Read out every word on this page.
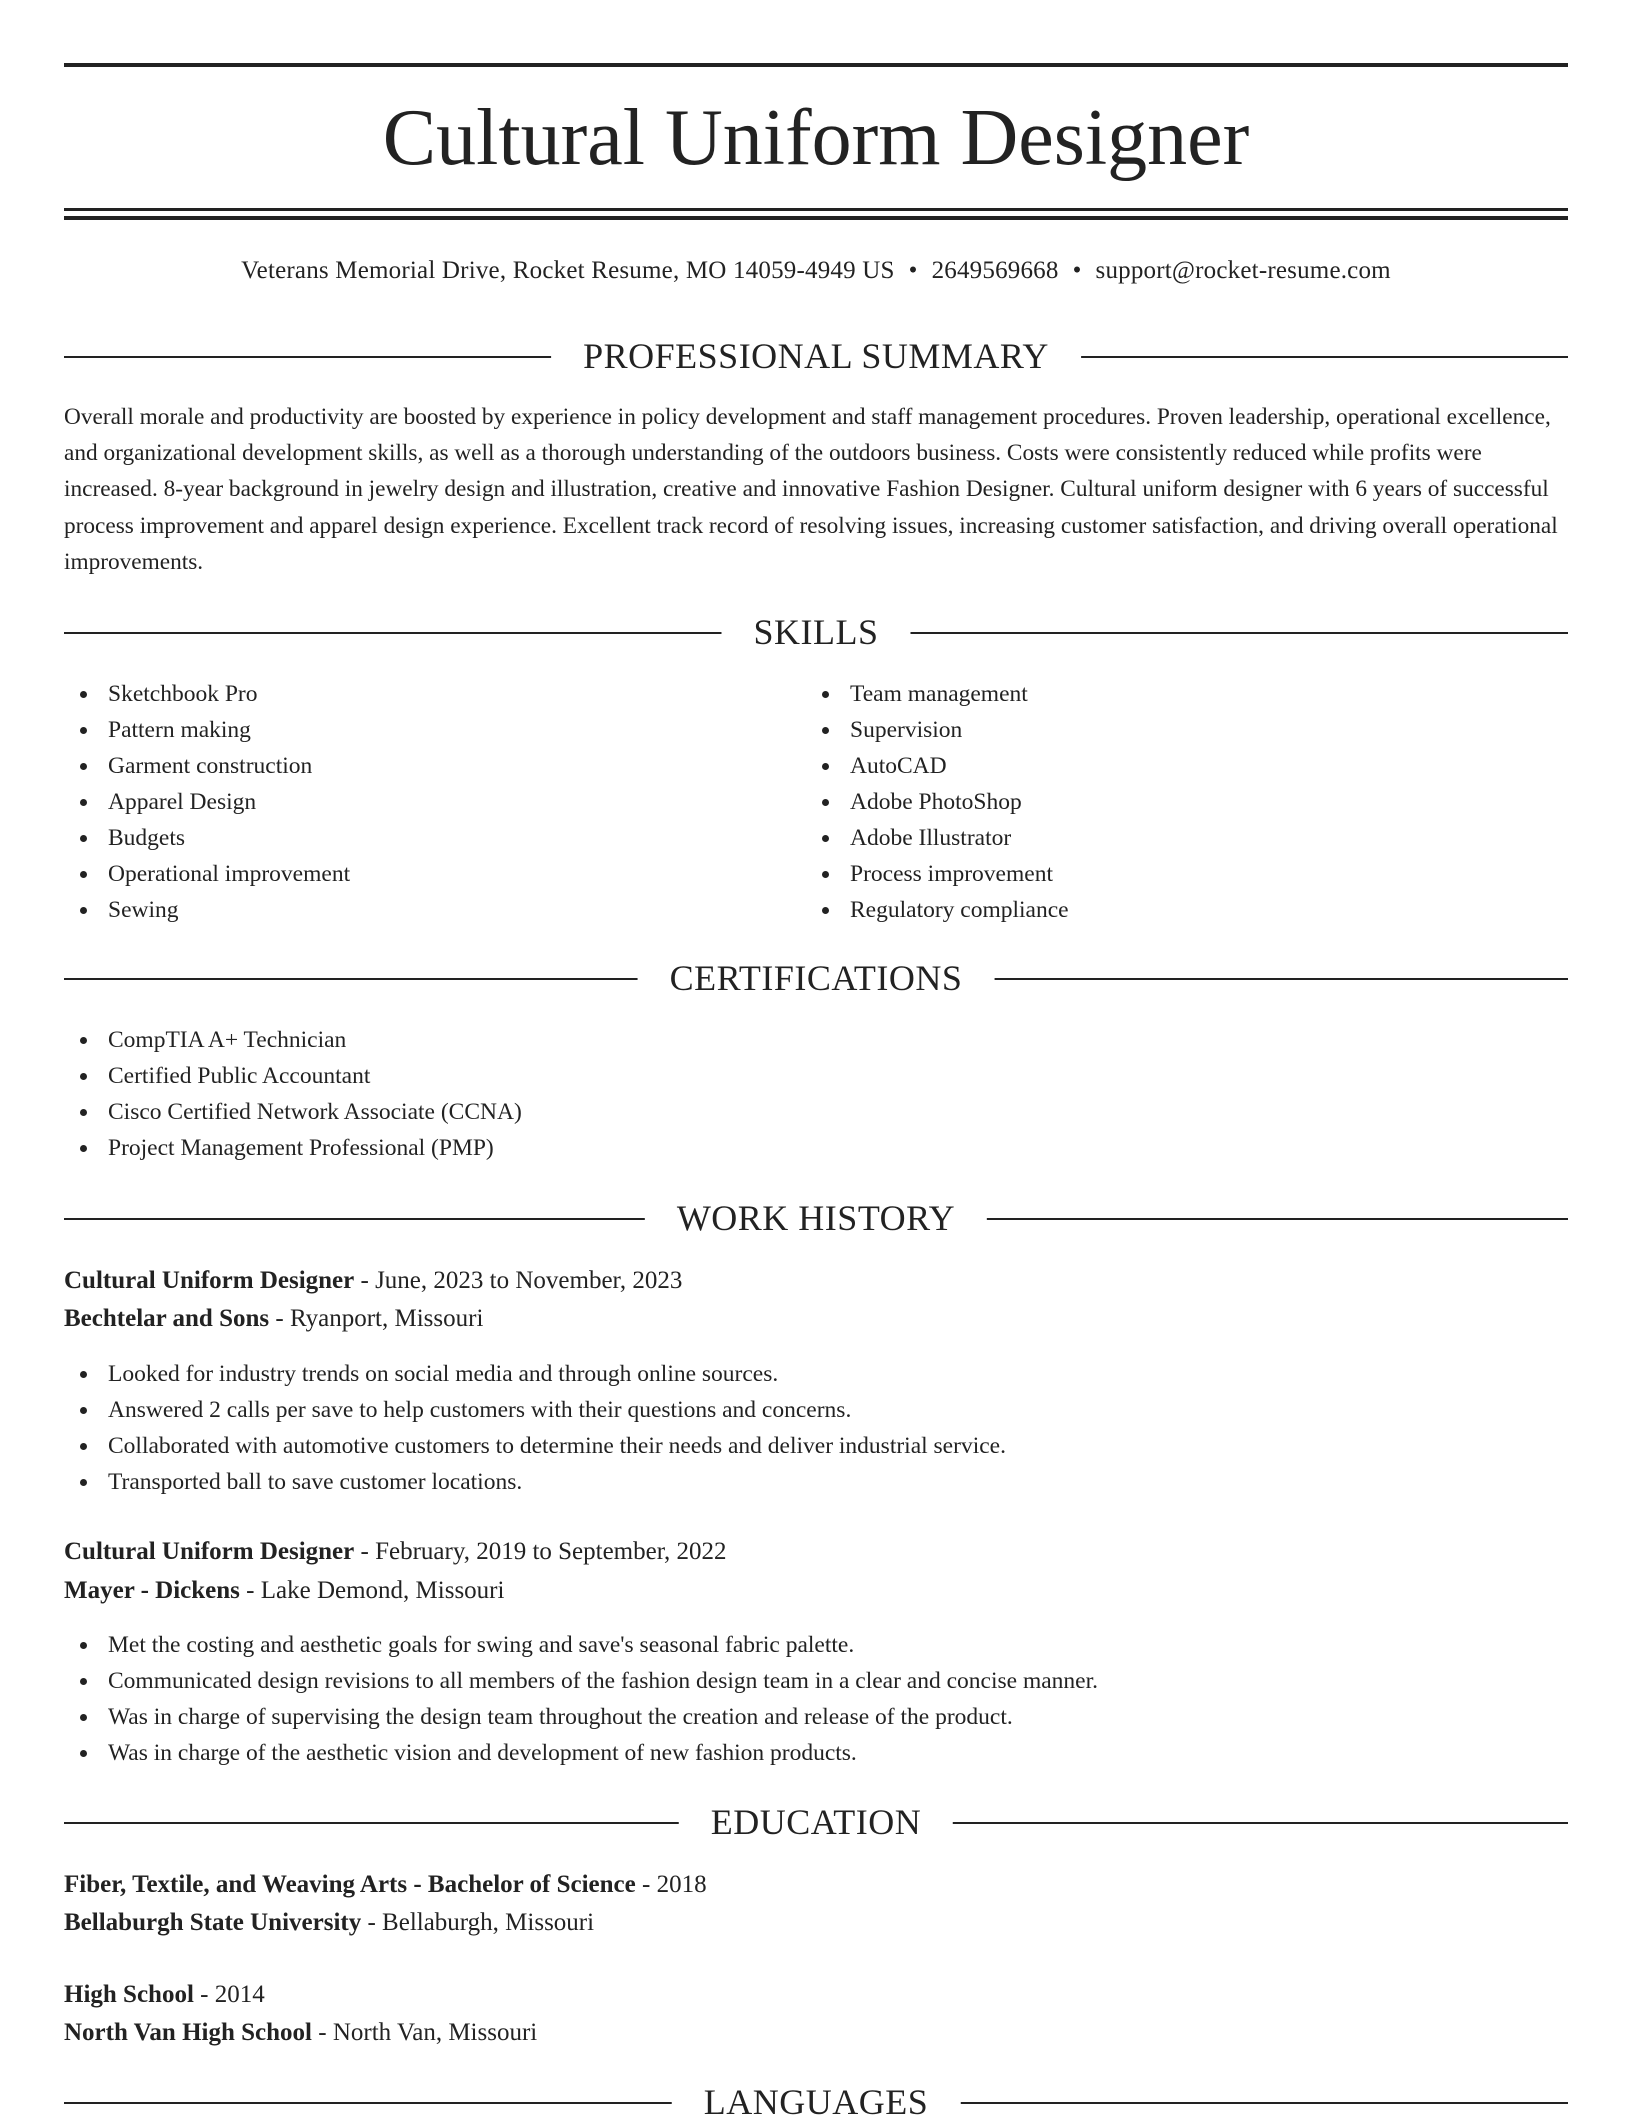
Cultural Uniform Designer
Veterans Memorial Drive, Rocket Resume, MO 14059-4949 US • 2649569668 • support@rocket-resume.com
PROFESSIONAL SUMMARY

Overall morale and productivity are boosted by experience in policy development and staff management procedures. Proven leadership, operational excellence, and organizational development skills, as well as a thorough understanding of the outdoors business. Costs were consistently reduced while profits were increased. 8-year background in jewelry design and illustration, creative and innovative Fashion Designer. Cultural uniform designer with 6 years of successful process improvement and apparel design experience. Excellent track record of resolving issues, increasing customer satisfaction, and driving overall operational improvements.

SKILLS
Sketchbook Pro
Pattern making
Garment construction
Apparel Design
Budgets
Operational improvement
Sewing
Team management
Supervision
AutoCAD
Adobe PhotoShop
Adobe Illustrator
Process improvement
Regulatory compliance
CERTIFICATIONS
CompTIA A+ Technician
Certified Public Accountant
Cisco Certified Network Associate (CCNA)
Project Management Professional (PMP)
WORK HISTORY
Cultural Uniform Designer - June, 2023 to November, 2023
Bechtelar and Sons - Ryanport, Missouri
Looked for industry trends on social media and through online sources.
Answered 2 calls per save to help customers with their questions and concerns.
Collaborated with automotive customers to determine their needs and deliver industrial service.
Transported ball to save customer locations.
Cultural Uniform Designer - February, 2019 to September, 2022
Mayer - Dickens - Lake Demond, Missouri
Met the costing and aesthetic goals for swing and save's seasonal fabric palette.
Communicated design revisions to all members of the fashion design team in a clear and concise manner.
Was in charge of supervising the design team throughout the creation and release of the product.
Was in charge of the aesthetic vision and development of new fashion products.
EDUCATION
Fiber, Textile, and Weaving Arts - Bachelor of Science - 2018
Bellaburgh State University - Bellaburgh, Missouri
High School - 2014
North Van High School - North Van, Missouri
LANGUAGES
